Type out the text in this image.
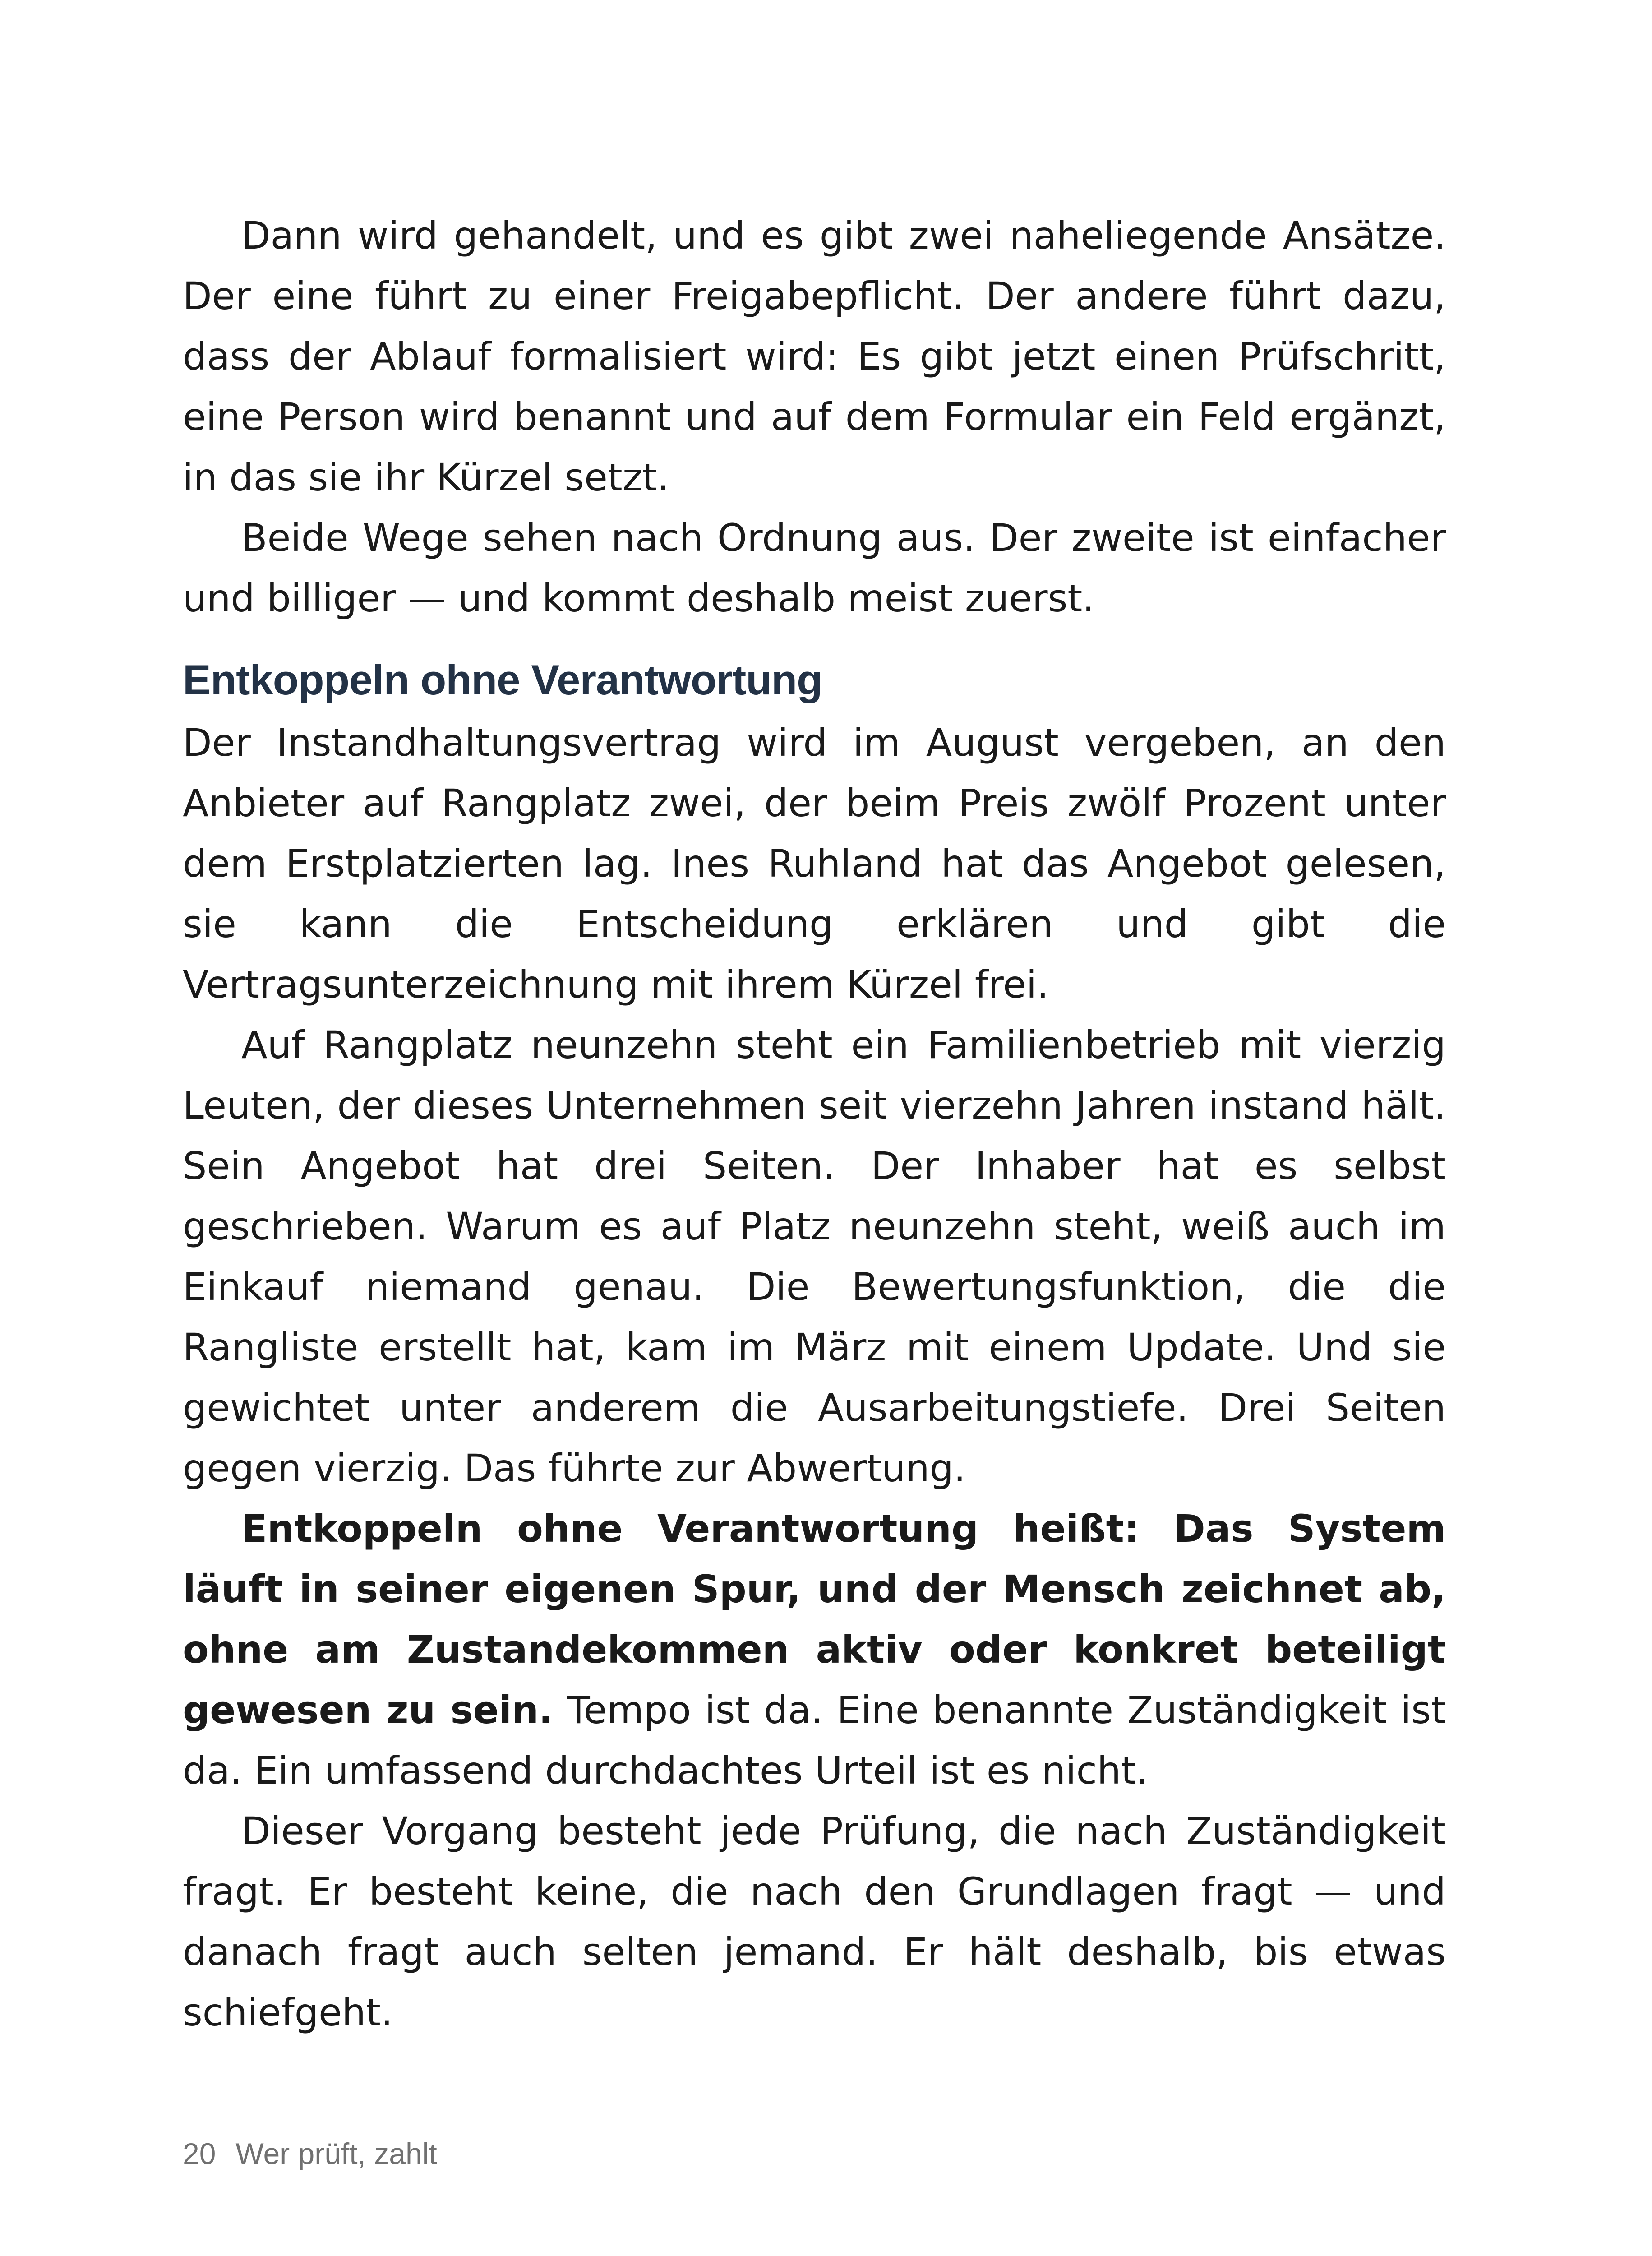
Dann wird gehandelt, und es gibt zwei naheliegende Ansätze. Der eine führt zu einer Freigabepflicht. Der andere führt dazu, dass der Ablauf formalisiert wird: Es gibt jetzt einen Prüfschritt, eine Person wird benannt und auf dem Formular ein Feld ergänzt, in das sie ihr Kürzel setzt.

Beide Wege sehen nach Ordnung aus. Der zweite ist einfacher und billiger — und kommt deshalb meist zuerst.

Entkoppeln ohne Verantwortung

Der Instandhaltungsvertrag wird im August vergeben, an den Anbieter auf Rangplatz zwei, der beim Preis zwölf Prozent unter dem Erstplatzierten lag. Ines Ruhland hat das Angebot gelesen, sie kann die Entscheidung erklären und gibt die Vertragsunterzeichnung mit ihrem Kürzel frei.

Auf Rangplatz neunzehn steht ein Familienbetrieb mit vierzig Leuten, der dieses Unternehmen seit vierzehn Jahren instand hält. Sein Angebot hat drei Seiten. Der Inhaber hat es selbst geschrieben. Warum es auf Platz neunzehn steht, weiß auch im Einkauf niemand genau. Die Bewertungsfunktion, die die Rangliste erstellt hat, kam im März mit einem Update. Und sie gewichtet unter anderem die Ausarbeitungstiefe. Drei Seiten gegen vierzig. Das führte zur Abwertung.

Entkoppeln ohne Verantwortung heißt: Das System läuft in seiner eigenen Spur, und der Mensch zeichnet ab, ohne am Zustandekommen aktiv oder konkret beteiligt gewesen zu sein. Tempo ist da. Eine benannte Zuständigkeit ist da. Ein umfassend durchdachtes Urteil ist es nicht.

Dieser Vorgang besteht jede Prüfung, die nach Zuständigkeit fragt. Er besteht keine, die nach den Grundlagen fragt — und danach fragt auch selten jemand. Er hält deshalb, bis etwas schiefgeht.

20 Wer prüft, zahlt
